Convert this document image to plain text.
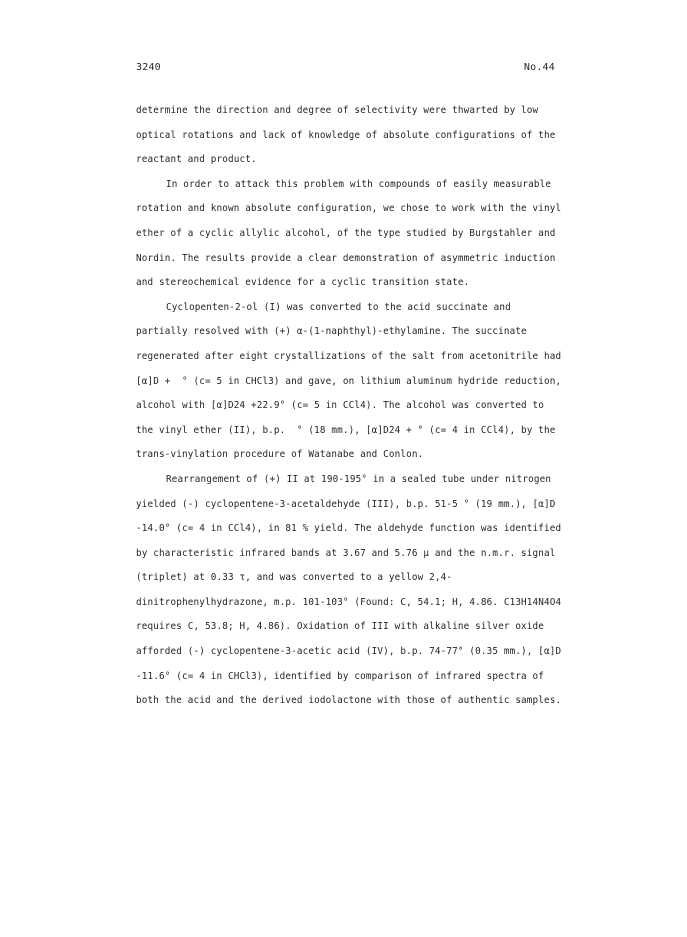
3240	No.44

determine the direction and degree of selectivity were thwarted by low optical rotations and lack of knowledge of absolute configurations of the reactant and product.

In order to attack this problem with compounds of easily measurable rotation and known absolute configuration, we chose to work with the vinyl ether of a cyclic allylic alcohol, of the type studied by Burgstahler and Nordin. The results provide a clear demonstration of asymmetric induction and stereochemical evidence for a cyclic transition state.

Cyclopenten-2-ol (I) was converted to the acid succinate and partially resolved with (+) α-(1-naphthyl)-ethylamine. The succinate regenerated after eight crystallizations of the salt from acetonitrile had [α]D +  ° (c= 5 in CHCl3) and gave, on lithium aluminum hydride reduction, alcohol with [α]D24 +22.9° (c= 5 in CCl4). The alcohol was converted to the vinyl ether (II), b.p.  ° (18 mm.), [α]D24 + ° (c= 4 in CCl4), by the trans-vinylation procedure of Watanabe and Conlon.

Rearrangement of (+) II at 190-195° in a sealed tube under nitrogen yielded (-) cyclopentene-3-acetaldehyde (III), b.p. 51-5 ° (19 mm.), [α]D -14.0° (c= 4 in CCl4), in 81 % yield. The aldehyde function was identified by characteristic infrared bands at 3.67 and 5.76 μ and the n.m.r. signal (triplet) at 0.33 τ, and was converted to a yellow 2,4-dinitrophenylhydrazone, m.p. 101-103° (Found: C, 54.1; H, 4.86. C13H14N4O4 requires C, 53.8; H, 4.86). Oxidation of III with alkaline silver oxide afforded (-) cyclopentene-3-acetic acid (IV), b.p. 74-77° (0.35 mm.), [α]D -11.6° (c= 4 in CHCl3), identified by comparison of infrared spectra of both the acid and the derived iodolactone with those of authentic samples.
